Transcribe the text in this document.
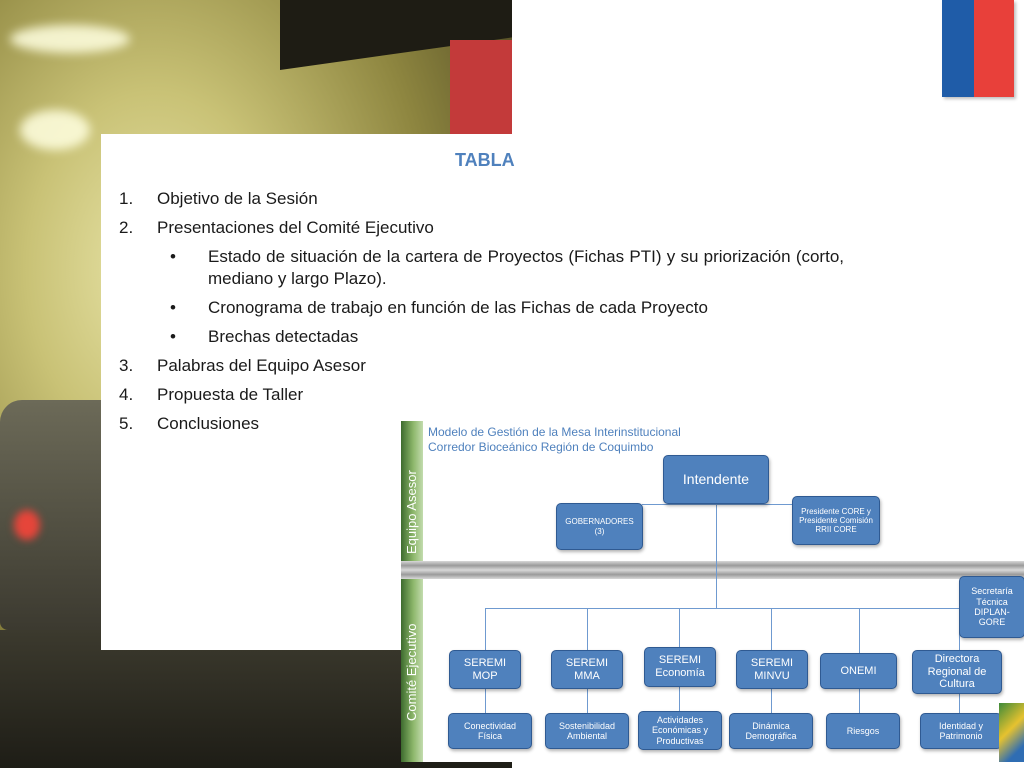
TABLA
1.	Objetivo de la Sesión
2.	Presentaciones del Comité Ejecutivo
• Estado de situación de la cartera de Proyectos (Fichas PTI) y su priorización (corto, mediano y largo Plazo).
• Cronograma de trabajo en función de las Fichas de cada Proyecto
• Brechas detectadas
3.	Palabras del Equipo Asesor
4.	Propuesta de Taller
5.	Conclusiones
Equipo Asesor
Comité Ejecutivo
Modelo de Gestión de la Mesa Interinstitucional
Corredor Bioceánico Región de Coquimbo
Intendente
GOBERNADORES (3)
Presidente CORE y Presidente Comisión RRII CORE
Secretaría Técnica DIPLAN-GORE
SEREMI MOP
SEREMI MMA
SEREMI Economía
SEREMI MINVU	ONEMI
Directora Regional de Cultura
Conectividad Física
Sostenibilidad Ambiental
Actividades Económicas y Productivas
Dinámica Demográfica
Riesgos
Identidad y Patrimonio
